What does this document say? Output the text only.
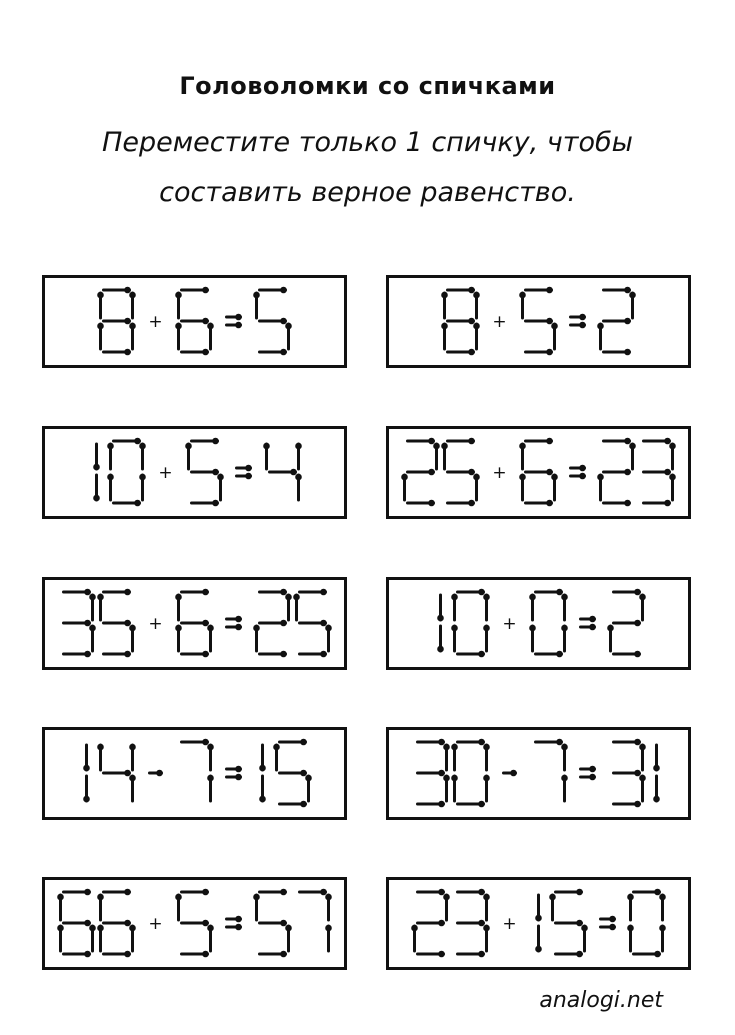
Головоломки со спичками
Переместите только 1 спичку, чтобы
составить верное равенство.
+	+
+	+
+	+
+	+
analogi.net
